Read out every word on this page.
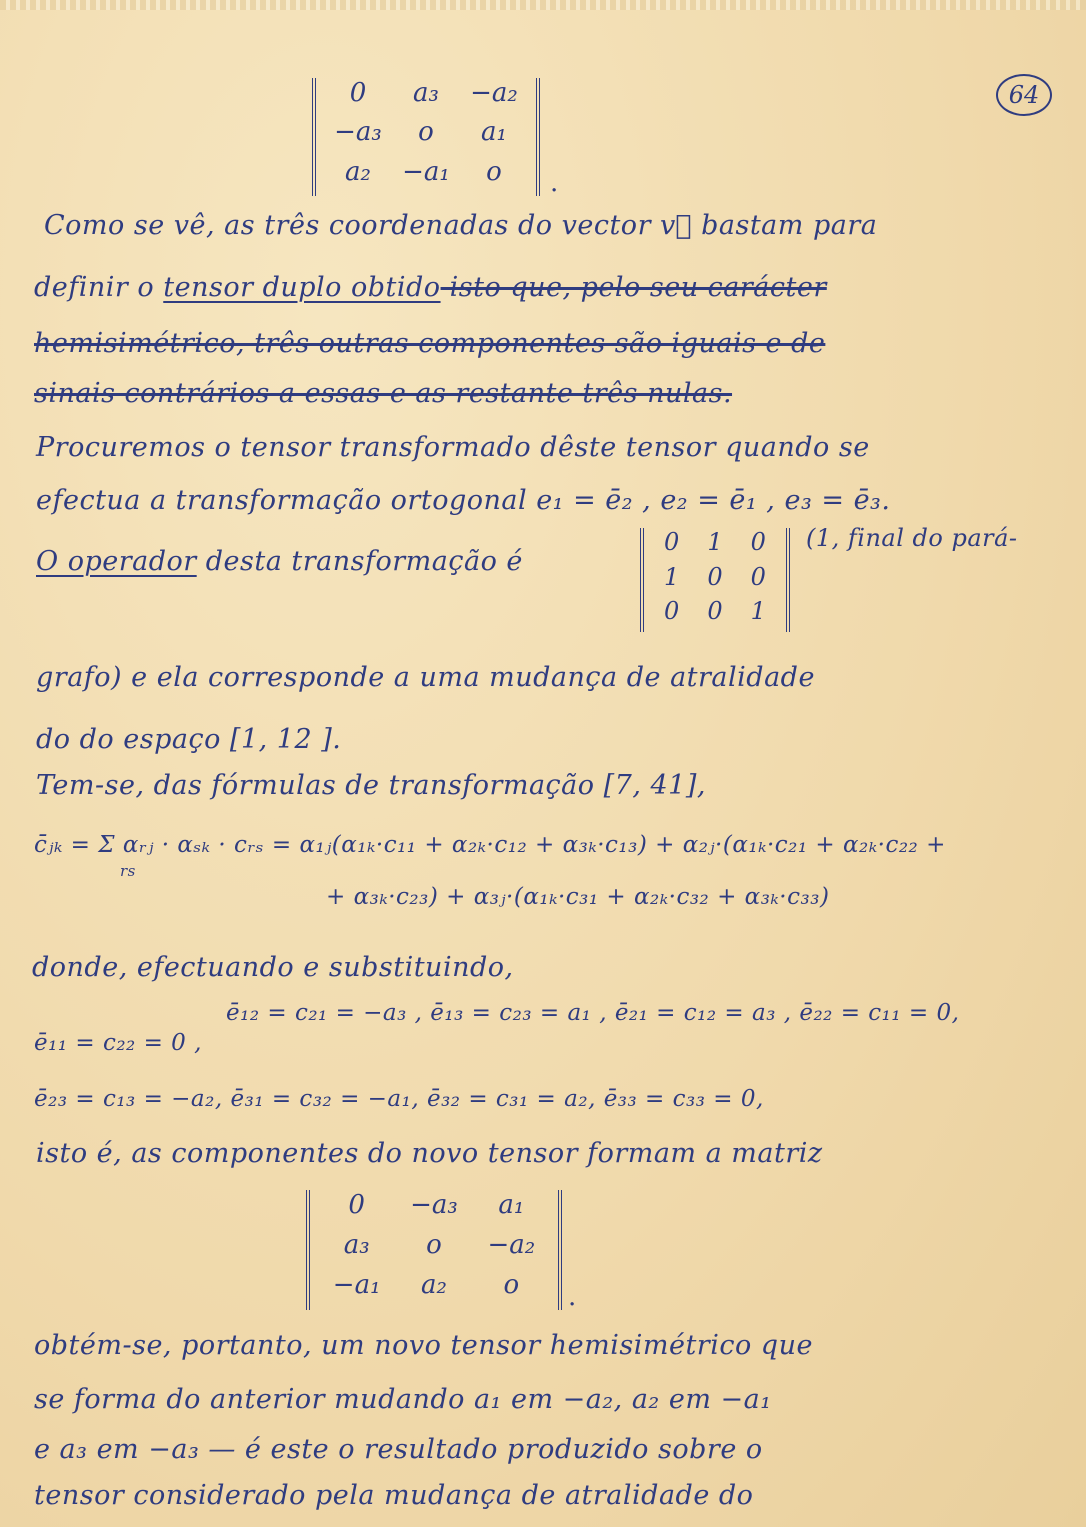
64
0	a₃	−a₂
−a₃	o	a₁
a₂	−a₁	o	.
Como se vê, as três coordenadas do vector v⃗ bastam para
definir o tensor duplo obtido isto que, pelo seu carácter
hemisimétrico, três outras componentes são iguais e de
sinais contrários a essas e as restante três nulas.
Procuremos o tensor transformado dêste tensor quando se
efectua a transformação ortogonal e₁ = ē₂ , e₂ = ē₁ , e₃ = ē₃.
O operador desta transformação é
0	1	0
1	0	0
0	0	1
(1, final do pará-
grafo) e ela corresponde a uma mudança de atralidade
do do espaço [1, 12 ].
Tem-se, das fórmulas de transformação [7, 41],
c̄ⱼₖ = Σ αᵣⱼ · αₛₖ · cᵣₛ = α₁ⱼ(α₁ₖ·c₁₁ + α₂ₖ·c₁₂ + α₃ₖ·c₁₃) + α₂ⱼ·(α₁ₖ·c₂₁ + α₂ₖ·c₂₂ +
rs
+ α₃ₖ·c₂₃) + α₃ⱼ·(α₁ₖ·c₃₁ + α₂ₖ·c₃₂ + α₃ₖ·c₃₃)
donde, efectuando e substituindo,
ē₁₁ = c₂₂ = 0 ,
ē₁₂ = c₂₁ = −a₃ , ē₁₃ = c₂₃ = a₁ , ē₂₁ = c₁₂ = a₃ , ē₂₂ = c₁₁ = 0,
ē₂₃ = c₁₃ = −a₂, ē₃₁ = c₃₂ = −a₁, ē₃₂ = c₃₁ = a₂, ē₃₃ = c₃₃ = 0,
isto é, as componentes do novo tensor formam a matriz
0	−a₃	a₁
a₃	o	−a₂
−a₁	a₂	o	.
obtém-se, portanto, um novo tensor hemisimétrico que
se forma do anterior mudando a₁ em −a₂, a₂ em −a₁
e a₃ em −a₃ — é este o resultado produzido sobre o
tensor considerado pela mudança de atralidade do
